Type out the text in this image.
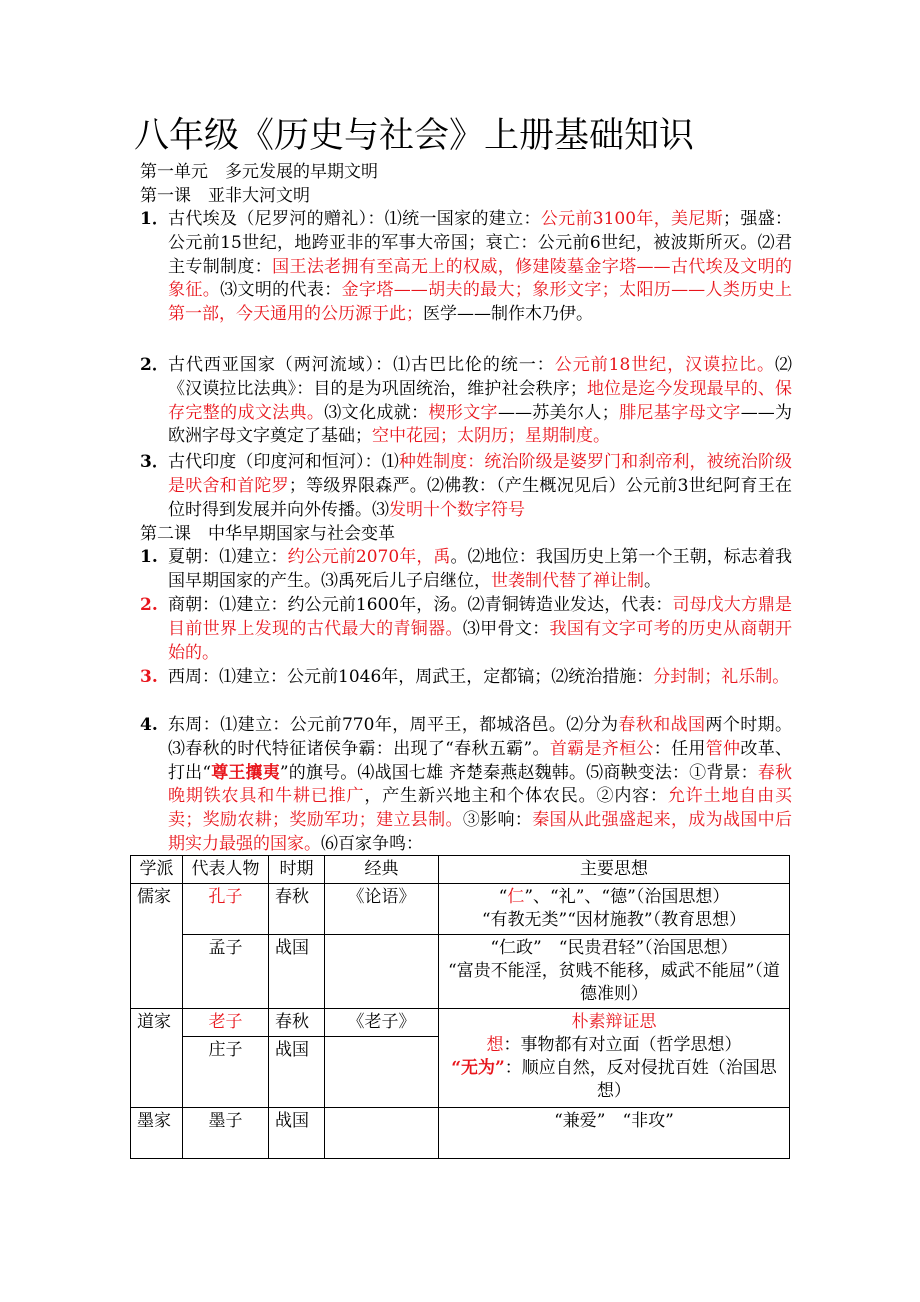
八年级《历史与社会》上册基础知识
第一单元　多元发展的早期文明
第一课　亚非大河文明
1． 古代埃及（尼罗河的赠礼）：⑴统一国家的建立：公元前3100年，美尼斯；强盛：公元前15世纪，地跨亚非的军事大帝国；衰亡：公元前6世纪，被波斯所灭。⑵君主专制制度：国王法老拥有至高无上的权威，修建陵墓金字塔——古代埃及文明的象征。⑶文明的代表：金字塔——胡夫的最大；象形文字；太阳历——人类历史上第一部，今天通用的公历源于此；医学——制作木乃伊。
2． 古代西亚国家（两河流域）：⑴古巴比伦的统一：公元前18世纪，汉谟拉比。⑵《汉谟拉比法典》：目的是为巩固统治，维护社会秩序；地位是迄今发现最早的、保存完整的成文法典。⑶文化成就：楔形文字——苏美尔人；腓尼基字母文字——为欧洲字母文字奠定了基础；空中花园；太阴历；星期制度。
3． 古代印度（印度河和恒河）：⑴种姓制度：统治阶级是婆罗门和刹帝利，被统治阶级是吠舍和首陀罗；等级界限森严。⑵佛教：（产生概况见后）公元前3世纪阿育王在位时得到发展并向外传播。⑶发明十个数字符号
第二课　中华早期国家与社会变革
1. 夏朝：⑴建立：约公元前2070年，禹。⑵地位：我国历史上第一个王朝，标志着我国早期国家的产生。⑶禹死后儿子启继位，世袭制代替了禅让制。
2. 商朝：⑴建立：约公元前1600年，汤。⑵青铜铸造业发达，代表：司母戊大方鼎是目前世界上发现的古代最大的青铜器。⑶甲骨文：我国有文字可考的历史从商朝开始的。
3. 西周：⑴建立：公元前1046年，周武王，定都镐；⑵统治措施：分封制；礼乐制。
4. 东周：⑴建立：公元前770年，周平王，都城洛邑。⑵分为春秋和战国两个时期。⑶春秋的时代特征诸侯争霸：出现了“春秋五霸”。首霸是齐桓公：任用管仲改革、打出“尊王攘夷”的旗号。⑷战国七雄 齐楚秦燕赵魏韩。⑸商鞅变法：①背景：春秋晚期铁农具和牛耕已推广，产生新兴地主和个体农民。②内容：允许土地自由买卖；奖励农耕；奖励军功；建立县制。③影响：秦国从此强盛起来，成为战国中后期实力最强的国家。⑹百家争鸣：
学派	代表人物	时期	经典	主要思想
儒家	孔子	春秋	《论语》	“仁”、“礼”、“德”（治国思想）
“有教无类”“因材施教”（教育思想）

	孟子	战国		“仁政”　“民贵君轻”（治国思想）
“富贵不能淫，贫贱不能移，威武不能屈”（道德准则）

道家	老子	春秋	《老子》	朴素辩证思想：事物都有对立面（哲学思想）
“无为”：顺应自然，反对侵扰百姓（治国思想）

	庄子	战国		
墨家	墨子	战国		“兼爱”　“非攻”
